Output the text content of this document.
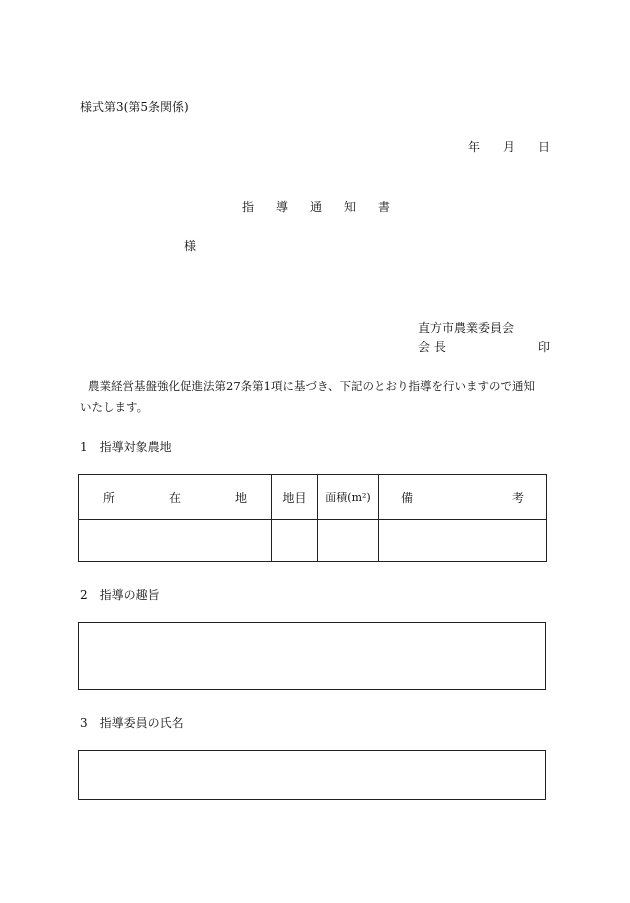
様式第3(第5条関係)
年 月 日
指 導 通 知 書
様
直方市農業委員会
会 長	印
農業経営基盤強化促進法第27条第1項に基づき、下記のとおり指導を行いますので通知
いたします。
1　指導対象農地
所 在 地	地目	面積(m²)	備 考

2　指導の趣旨
3　指導委員の氏名
